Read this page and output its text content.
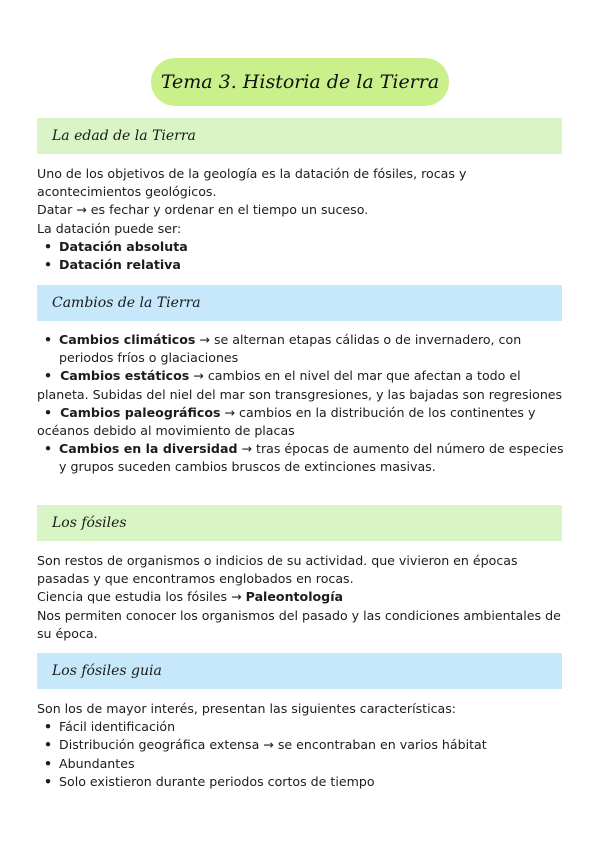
Tema 3. Historia de la Tierra
La edad de la Tierra

Uno de los objetivos de la geología es la datación de fósiles, rocas y acontecimientos geológicos.

Datar → es fechar y ordenar en el tiempo un suceso.

La datación puede ser:

• Datación absoluta
• Datación relativa
Cambios de la Tierra
• Cambios climáticos → se alternan etapas cálidas o de invernadero, con periodos fríos o glaciaciones
• Cambios estáticos → cambios en el nivel del mar que afectan a todo el planeta. Subidas del niel del mar son transgresiones, y las bajadas son regresiones
• Cambios paleográficos → cambios en la distribución de los continentes y océanos debido al movimiento de placas
• Cambios en la diversidad → tras épocas de aumento del número de especies y grupos suceden cambios bruscos de extinciones masivas.
Los fósiles

Son restos de organismos o indicios de su actividad. que vivieron en épocas pasadas y que encontramos englobados en rocas.

Ciencia que estudia los fósiles → Paleontología

Nos permiten conocer los organismos del pasado y las condiciones ambientales de su época.

Los fósiles guia

Son los de mayor interés, presentan las siguientes características:

• Fácil identificación
• Distribución geográfica extensa → se encontraban en varios hábitat
• Abundantes
• Solo existieron durante periodos cortos de tiempo
